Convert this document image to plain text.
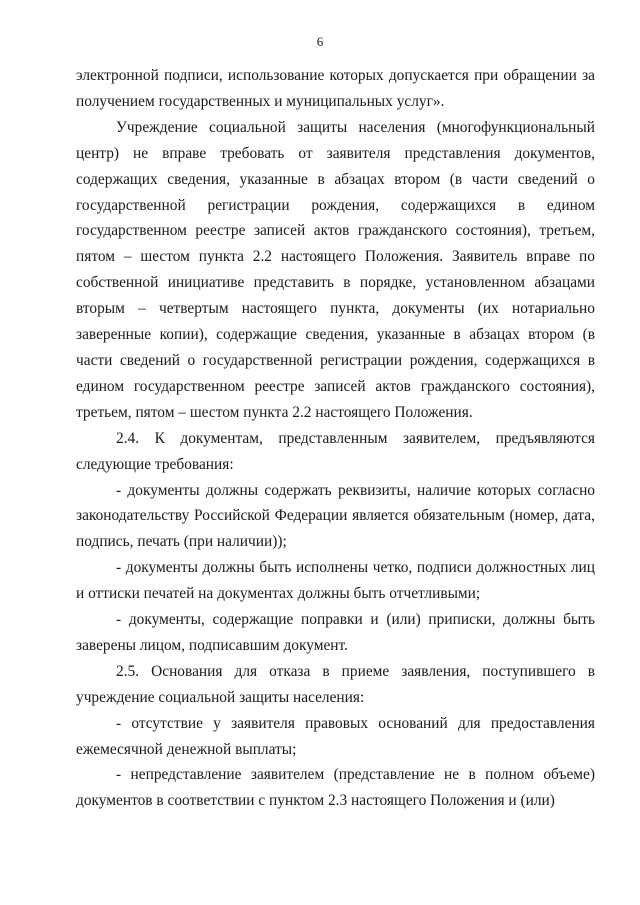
6

электронной подписи, использование которых допускается при обращении за получением государственных и муниципальных услуг».

Учреждение социальной защиты населения (многофункциональный центр) не вправе требовать от заявителя представления документов, содержащих сведения, указанные в абзацах втором (в части сведений о государственной регистрации рождения, содержащихся в едином государственном реестре записей актов гражданского состояния), третьем, пятом – шестом пункта 2.2 настоящего Положения. Заявитель вправе по собственной инициативе представить в порядке, установленном абзацами вторым – четвертым настоящего пункта, документы (их нотариально заверенные копии), содержащие сведения, указанные в абзацах втором (в части сведений о государственной регистрации рождения, содержащихся в едином государственном реестре записей актов гражданского состояния), третьем, пятом – шестом пункта 2.2 настоящего Положения.

2.4. К документам, представленным заявителем, предъявляются следующие требования:

- документы должны содержать реквизиты, наличие которых согласно законодательству Российской Федерации является обязательным (номер, дата, подпись, печать (при наличии));

- документы должны быть исполнены четко, подписи должностных лиц и оттиски печатей на документах должны быть отчетливыми;

- документы, содержащие поправки и (или) приписки, должны быть заверены лицом, подписавшим документ.

2.5. Основания для отказа в приеме заявления, поступившего в учреждение социальной защиты населения:

- отсутствие у заявителя правовых оснований для предоставления ежемесячной денежной выплаты;

- непредставление заявителем (представление не в полном объеме) документов в соответствии с пунктом 2.3 настоящего Положения и (или)
